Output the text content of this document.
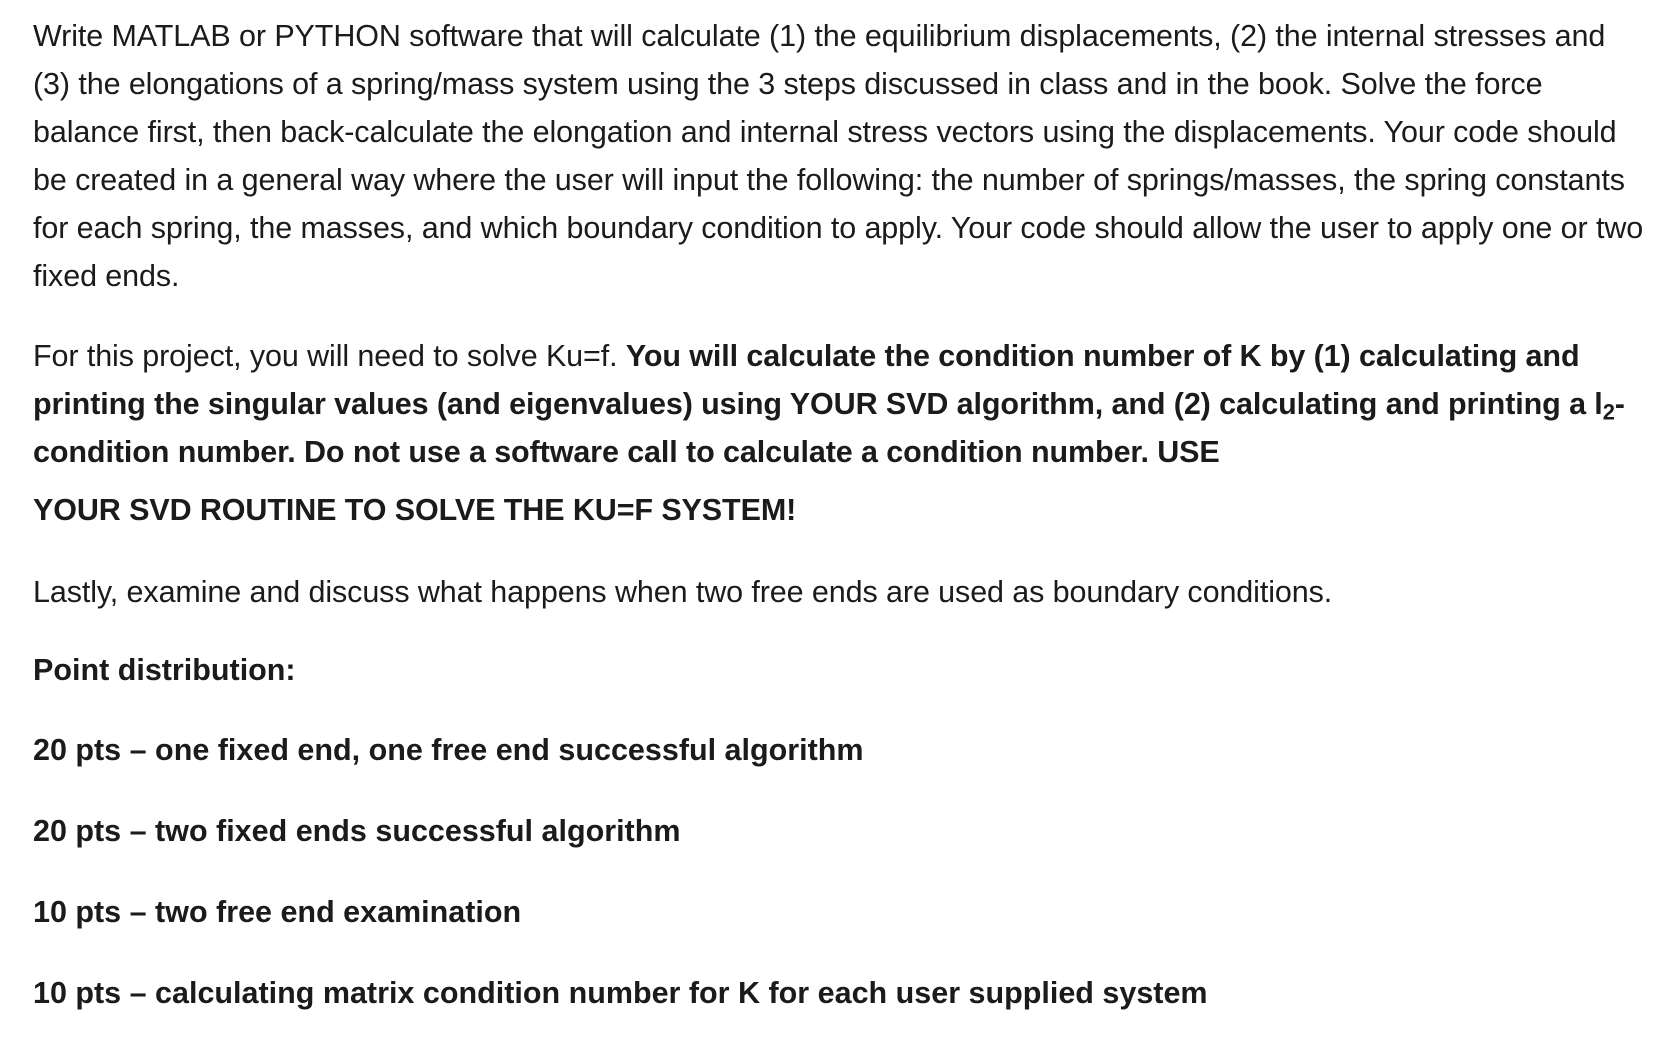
Write MATLAB or PYTHON software that will calculate (1) the equilibrium displacements, (2) the internal stresses and (3) the elongations of a spring/mass system using the 3 steps discussed in class and in the book. Solve the force balance first, then back-calculate the elongation and internal stress vectors using the displacements. Your code should be created in a general way where the user will input the following: the number of springs/masses, the spring constants for each spring, the masses, and which boundary condition to apply. Your code should allow the user to apply one or two fixed ends.

For this project, you will need to solve Ku=f. You will calculate the condition number of K by (1) calculating and printing the singular values (and eigenvalues) using YOUR SVD algorithm, and (2) calculating and printing a $l_2$-condition number. Do not use a software call to calculate a condition number. USE
YOUR SVD ROUTINE TO SOLVE THE KU=F SYSTEM!

Lastly, examine and discuss what happens when two free ends are used as boundary conditions.

Point distribution:

20 pts – one fixed end, one free end successful algorithm

20 pts – two fixed ends successful algorithm

10 pts – two free end examination

10 pts – calculating matrix condition number for K for each user supplied system
